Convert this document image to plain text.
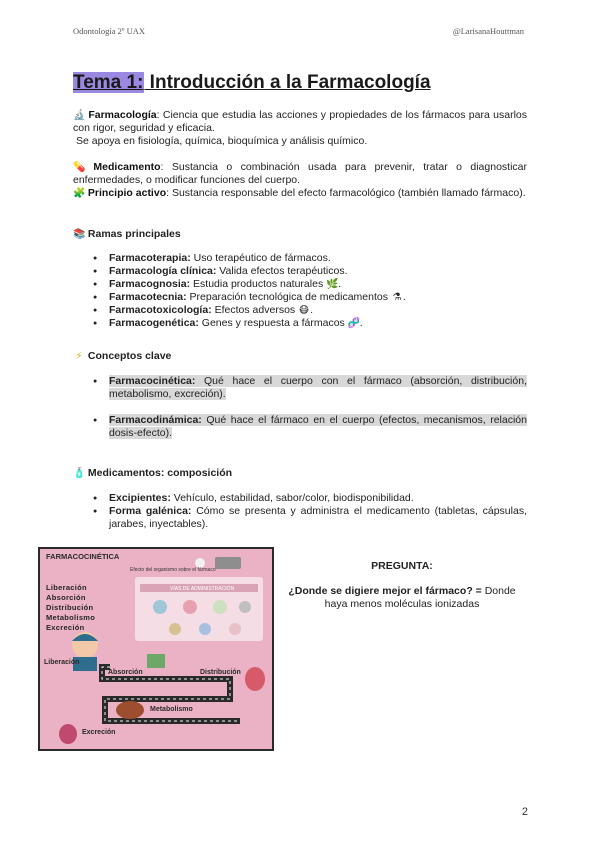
Odontología 2º UAX	@LarisanaHouttman
Tema 1: Introducción a la Farmacología
🔬 Farmacología: Ciencia que estudia las acciones y propiedades de los fármacos para usarlos con rigor, seguridad y eficacia.
Se apoya en fisiología, química, bioquímica y análisis químico.
💊 Medicamento: Sustancia o combinación usada para prevenir, tratar o diagnosticar enfermedades, o modificar funciones del cuerpo.
🧩 Principio activo: Sustancia responsable del efecto farmacológico (también llamado fármaco).
📚 Ramas principales
● Farmacoterapia: Uso terapéutico de fármacos.
● Farmacología clínica: Valida efectos terapéuticos.
● Farmacognosia: Estudia productos naturales 🌿.
● Farmacotecnia: Preparación tecnológica de medicamentos ⚗ .
● Farmacotoxicología: Efectos adversos 😷.
● Farmacogenética: Genes y respuesta a fármacos 🧬.
⚡ Conceptos clave
● Farmacocinética: Qué hace el cuerpo con el fármaco (absorción, distribución, metabolismo, excreción).
● Farmacodinámica: Qué hace el fármaco en el cuerpo (efectos, mecanismos, relación dosis-efecto).
🧴 Medicamentos: composición
● Excipientes: Vehículo, estabilidad, sabor/color, biodisponibilidad.
● Forma galénica: Cómo se presenta y administra el medicamento (tabletas, cápsulas, jarabes, inyectables).
FARMACOCINÉTICA
Efecto del organismo sobre el fármaco
VÍAS DE ADMINISTRACIÓN
Liberación
Absorción
Distribución
Metabolismo
Excreción
Liberación
Absorción	Distribución
Metabolismo
Excreción
PREGUNTA:
¿Donde se digiere mejor el fármaco? = Donde haya menos moléculas ionizadas
2
